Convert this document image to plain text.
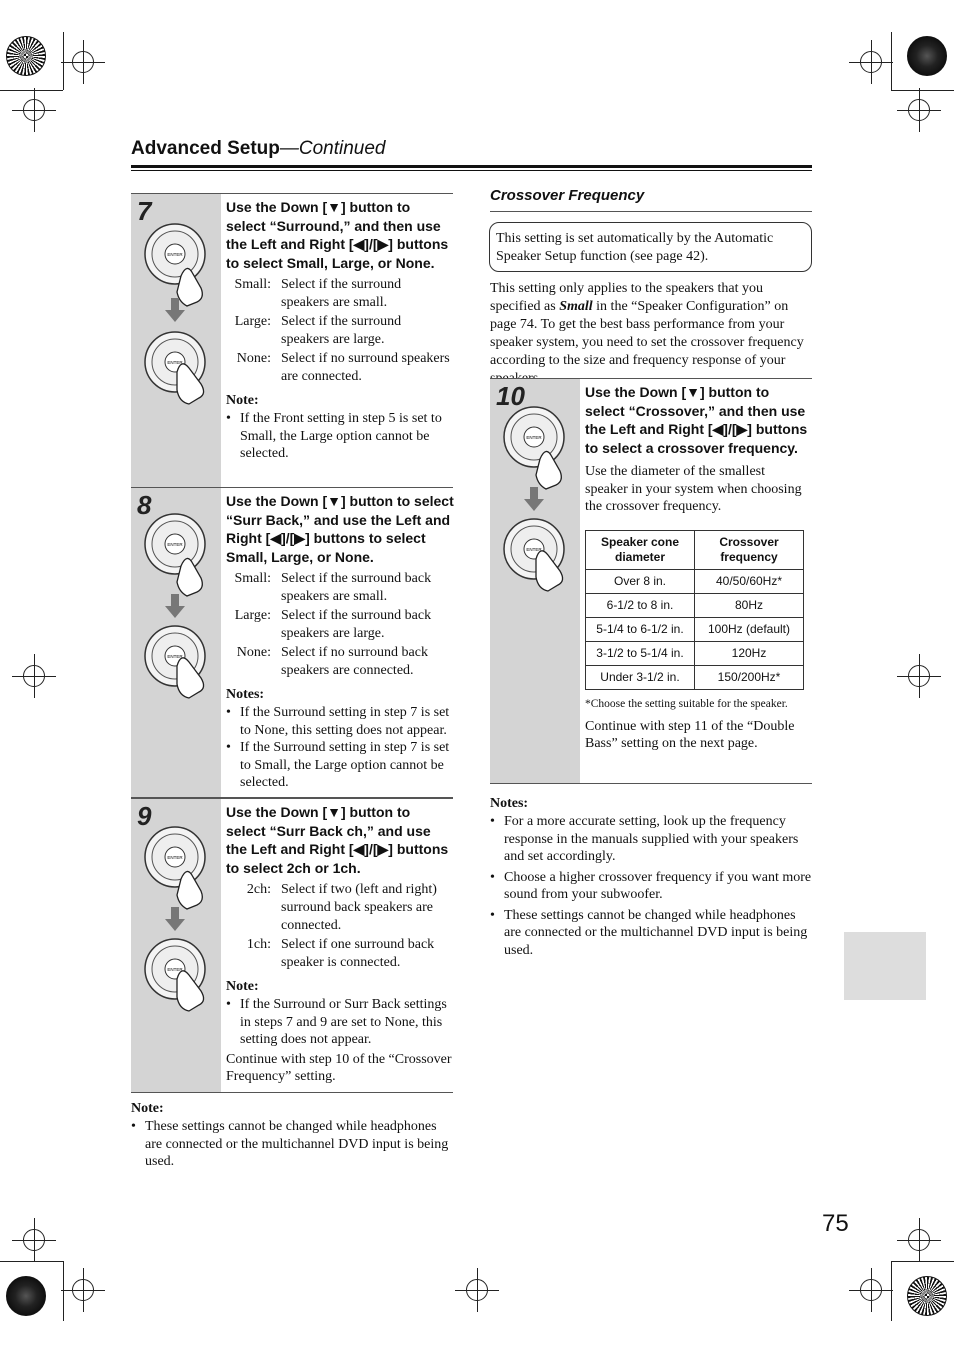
Advanced Setup—Continued
7
ENTER
ENTER
Use the Down [▼] button to select “Surround,” and then use the Left and Right [◀]/[▶] buttons to select Small, Large, or None.
Small: Select if the surround speakers are small.
Large: Select if the surround speakers are large.
None: Select if no surround speakers are connected.
Note:
• If the Front setting in step 5 is set to Small, the Large option cannot be selected.
8
ENTER
ENTER
Use the Down [▼] button to select “Surr Back,” and use the Left and Right [◀]/[▶] buttons to select Small, Large, or None.
Small: Select if the surround back speakers are small.
Large: Select if the surround back speakers are large.
None: Select if no surround back speakers are connected.
Notes:
• If the Surround setting in step 7 is set to None, this setting does not appear.
• If the Surround setting in step 7 is set to Small, the Large option cannot be selected.
9
ENTER
ENTER
Use the Down [▼] button to select “Surr Back ch,” and use the Left and Right [◀]/[▶] buttons to select 2ch or 1ch.
2ch: Select if two (left and right) surround back speakers are connected.
1ch: Select if one surround back speaker is connected.
Note:
• If the Surround or Surr Back settings in steps 7 and 9 are set to None, this setting does not appear.
Continue with step 10 of the “Crossover Frequency” setting.
Note:
• These settings cannot be changed while headphones are connected or the multichannel DVD input is being used.
Crossover Frequency
This setting is set automatically by the Automatic Speaker Setup function (see page 42).
This setting only applies to the speakers that you specified as Small in the “Speaker Configuration” on page 74. To get the best bass performance from your speaker system, you need to set the crossover frequency according to the size and frequency response of your
10
ENTER
ENTER
Use the Down [▼] button to select “Crossover,” and then use the Left and Right [◀]/[▶] buttons to select a crossover frequency.
Use the diameter of the smallest speaker in your system when choosing the crossover frequency.
Speaker cone diameter	Crossover frequency
Over 8 in.	40/50/60Hz*
6-1/2 to 8 in.	80Hz
5-1/4 to 6-1/2 in.	100Hz (default)
3-1/2 to 5-1/4 in.	120Hz
Under 3-1/2 in.	150/200Hz*
*Choose the setting suitable for the speaker.
Continue with step 11 of the “Double Bass” setting on the next page.
Notes:
• For a more accurate setting, look up the frequency response in the manuals supplied with your speakers and set accordingly.
• Choose a higher crossover frequency if you want more sound from your subwoofer.
• These settings cannot be changed while headphones are connected or the multichannel DVD input is being used.
75
